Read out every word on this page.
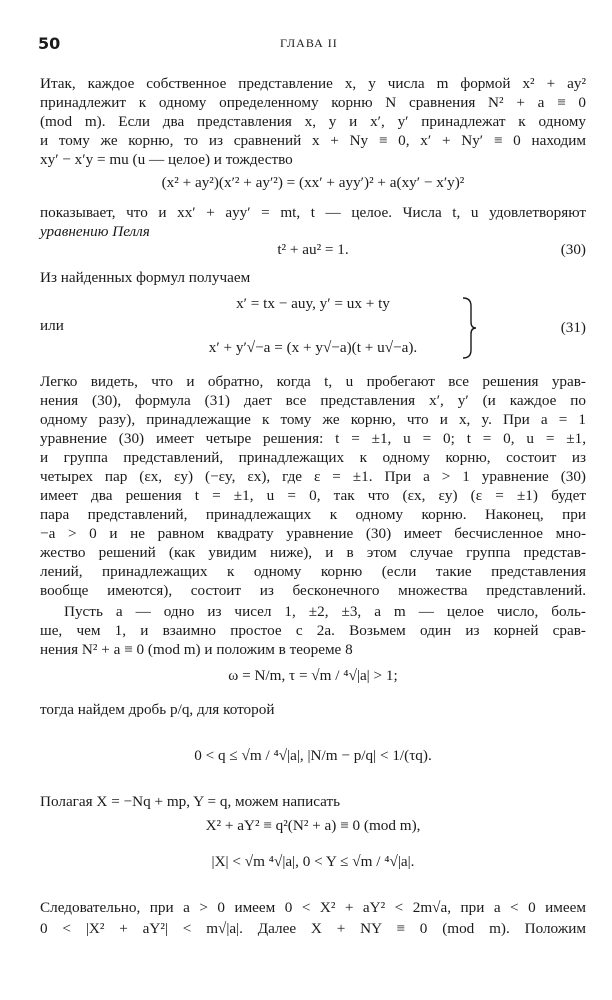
50	ГЛАВА II
Итак, каждое собственное представление x, y числа m формой x² + ay²
принадлежит к одному определенному корню N сравнения N² + a ≡ 0
(mod m). Если два представления x, y и x′, y′ принадлежат к одному
и тому же корню, то из сравнений x + Ny ≡ 0, x′ + Ny′ ≡ 0 находим
xy′ − x′y = mu (u — целое) и тождество
(x² + ay²)(x′² + ay′²) = (xx′ + ayy′)² + a(xy′ − x′y)²
показывает, что и xx′ + ayy′ = mt, t — целое. Числа t, u удовлетворяют
уравнению Пелля
t² + au² = 1.	(30)
Из найденных формул получаем
x′ = tx − auy, y′ = ux + ty
или
x′ + y′√−a = (x + y√−a)(t + u√−a).
(31)
Легко видеть, что и обратно, когда t, u пробегают все решения урав-
нения (30), формула (31) дает все представления x′, y′ (и каждое по
одному разу), принадлежащие к тому же корню, что и x, y. При a = 1
уравнение (30) имеет четыре решения: t = ±1, u = 0; t = 0, u = ±1,
и группа представлений, принадлежащих к одному корню, состоит из
четырех пар (εx, εy) (−εy, εx), где ε = ±1. При a > 1 уравнение (30)
имеет два решения t = ±1, u = 0, так что (εx, εy) (ε = ±1) будет
пара представлений, принадлежащих к одному корню. Наконец, при
−a > 0 и не равном квадрату уравнение (30) имеет бесчисленное мно-
жество решений (как увидим ниже), и в этом случае группа представ-
лений, принадлежащих к одному корню (если такие представления
вообще имеются), состоит из бесконечного множества представлений.
Пусть a — одно из чисел 1, ±2, ±3, a m — целое число, боль-
ше, чем 1, и взаимно простое с 2a. Возьмем один из корней срав-
нения N² + a ≡ 0 (mod m) и положим в теореме 8
ω = N/m, τ = √m / ⁴√|a| > 1;
тогда найдем дробь p/q, для которой
0 < q ≤ √m / ⁴√|a|, |N/m − p/q| < 1/(τq).
Полагая X = −Nq + mp, Y = q, можем написать
X² + aY² ≡ q²(N² + a) ≡ 0 (mod m),
|X| < √m ⁴√|a|, 0 < Y ≤ √m / ⁴√|a|.
Следовательно, при a > 0 имеем 0 < X² + aY² < 2m√a, при a < 0 имеем
0 < |X² + aY²| < m√|a|. Далее X + NY ≡ 0 (mod m). Положим
